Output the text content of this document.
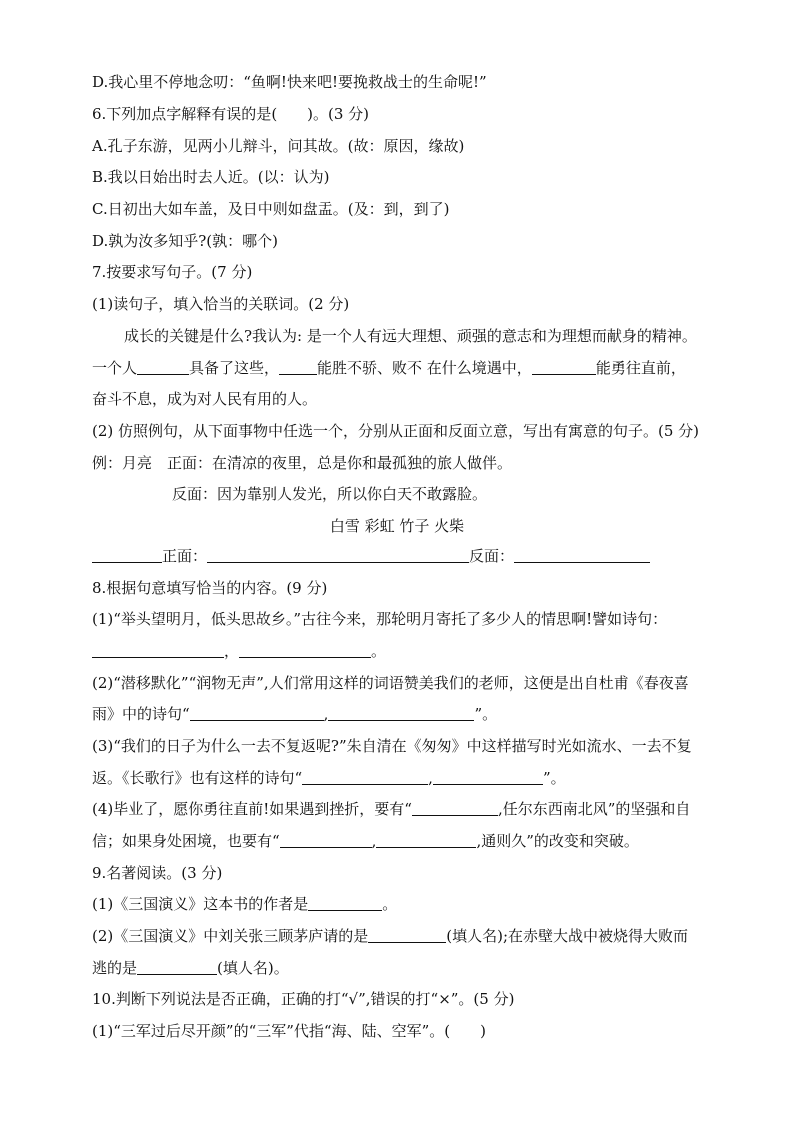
D.我心里不停地念叨：“鱼啊!快来吧!要挽救战士的生命呢!”
6.下列加点字解释有误的是(　　)。(3 分)
A.孔子东游，见两小儿辩斗，问其故。(故：原因，缘故)
B.我以日始出时去人近。(以：认为)
C.日初出大如车盖，及日中则如盘盂。(及：到，到了)
D.孰为汝多知乎?(孰：哪个)
7.按要求写句子。(7 分)
(1)读句子，填入恰当的关联词。(2 分)
成长的关键是什么?我认为: 是一个人有远大理想、顽强的意志和为理想而献身的精神。
一个人	具备了这些，	能胜不骄、败不 在什么境遇中，	能勇往直前，
奋斗不息，成为对人民有用的人。
(2) 仿照例句，从下面事物中任选一个，分别从正面和反面立意，写出有寓意的句子。(5 分)
例：月亮　正面：在清凉的夜里，总是你和最孤独的旅人做伴。
反面：因为靠别人发光，所以你白天不敢露脸。
白雪 彩虹 竹子 火柴
正面：	反面：
8.根据句意填写恰当的内容。(9 分)
(1)“举头望明月，低头思故乡。”古往今来，那轮明月寄托了多少人的情思啊!譬如诗句：
，	。
(2)“潜移默化”“润物无声”,人们常用这样的词语赞美我们的老师，这便是出自杜甫《春夜喜
雨》中的诗句“	,	”。
(3)“我们的日子为什么一去不复返呢?”朱自清在《匆匆》中这样描写时光如流水、一去不复
返。《长歌行》也有这样的诗句“	,	”。
(4)毕业了，愿你勇往直前!如果遇到挫折，要有“	,任尔东西南北风”的坚强和自
信；如果身处困境，也要有“	,	,通则久”的改变和突破。
9.名著阅读。(3 分)
(1)《三国演义》这本书的作者是	。
(2)《三国演义》中刘关张三顾茅庐请的是	(填人名);在赤壁大战中被烧得大败而
逃的是	(填人名)。
10.判断下列说法是否正确，正确的打“√”,错误的打“×”。(5 分)
(1)“三军过后尽开颜”的“三军”代指“海、陆、空军”。(　　)
